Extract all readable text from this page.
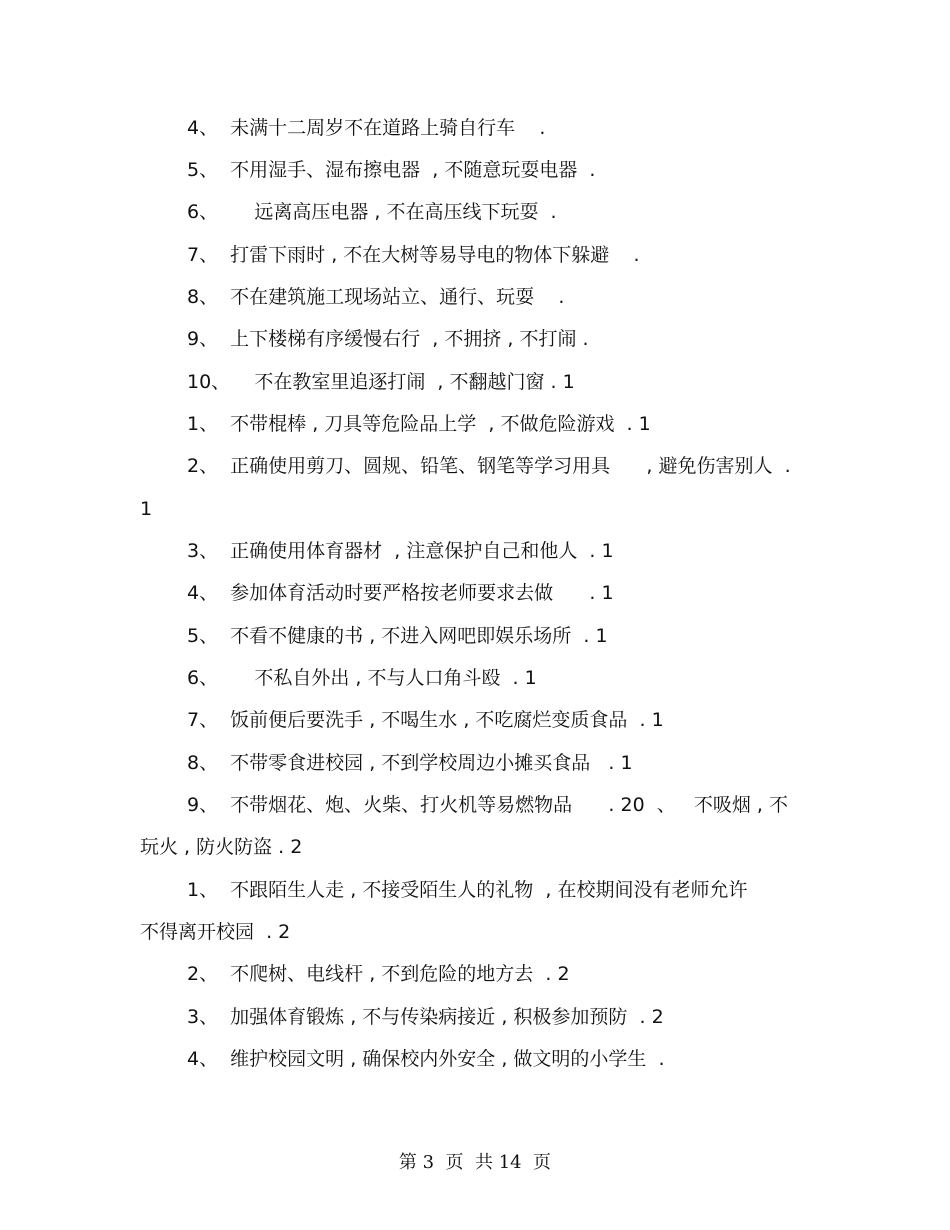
4、  未满十二周岁不在道路上骑自行车    .
5、  不用湿手、湿布擦电器  , 不随意玩耍电器  .
6、      远离高压电器 , 不在高压线下玩耍  .
7、  打雷下雨时 , 不在大树等易导电的物体下躲避    .
8、  不在建筑施工现场站立、通行、玩耍    .
9、  上下楼梯有序缓慢右行  , 不拥挤 , 不打闹 .
10、    不在教室里追逐打闹  , 不翻越门窗 . 1
1、  不带棍棒 , 刀具等危险品上学  , 不做危险游戏  . 1
2、  正确使用剪刀、圆规、铅笔、钢笔等学习用具      , 避免伤害别人  .
1
3、  正确使用体育器材  , 注意保护自己和他人  . 1
4、  参加体育活动时要严格按老师要求去做      . 1
5、  不看不健康的书 , 不进入网吧即娱乐场所  . 1
6、      不私自外出 , 不与人口角斗殴  . 1
7、  饭前便后要洗手 , 不喝生水 , 不吃腐烂变质食品  . 1
8、  不带零食进校园 , 不到学校周边小摊买食品   . 1
9、  不带烟花、炮、火柴、打火机等易燃物品      . 20  、   不吸烟 , 不
玩火 , 防火防盗 . 2
1、  不跟陌生人走 , 不接受陌生人的礼物  , 在校期间没有老师允许
不得离开校园  . 2
2、  不爬树、电线杆 , 不到危险的地方去  . 2
3、  加强体育锻炼 , 不与传染病接近 , 积极参加预防  . 2
4、  维护校园文明 , 确保校内外安全 , 做文明的小学生  .
第 3  页  共 14  页
